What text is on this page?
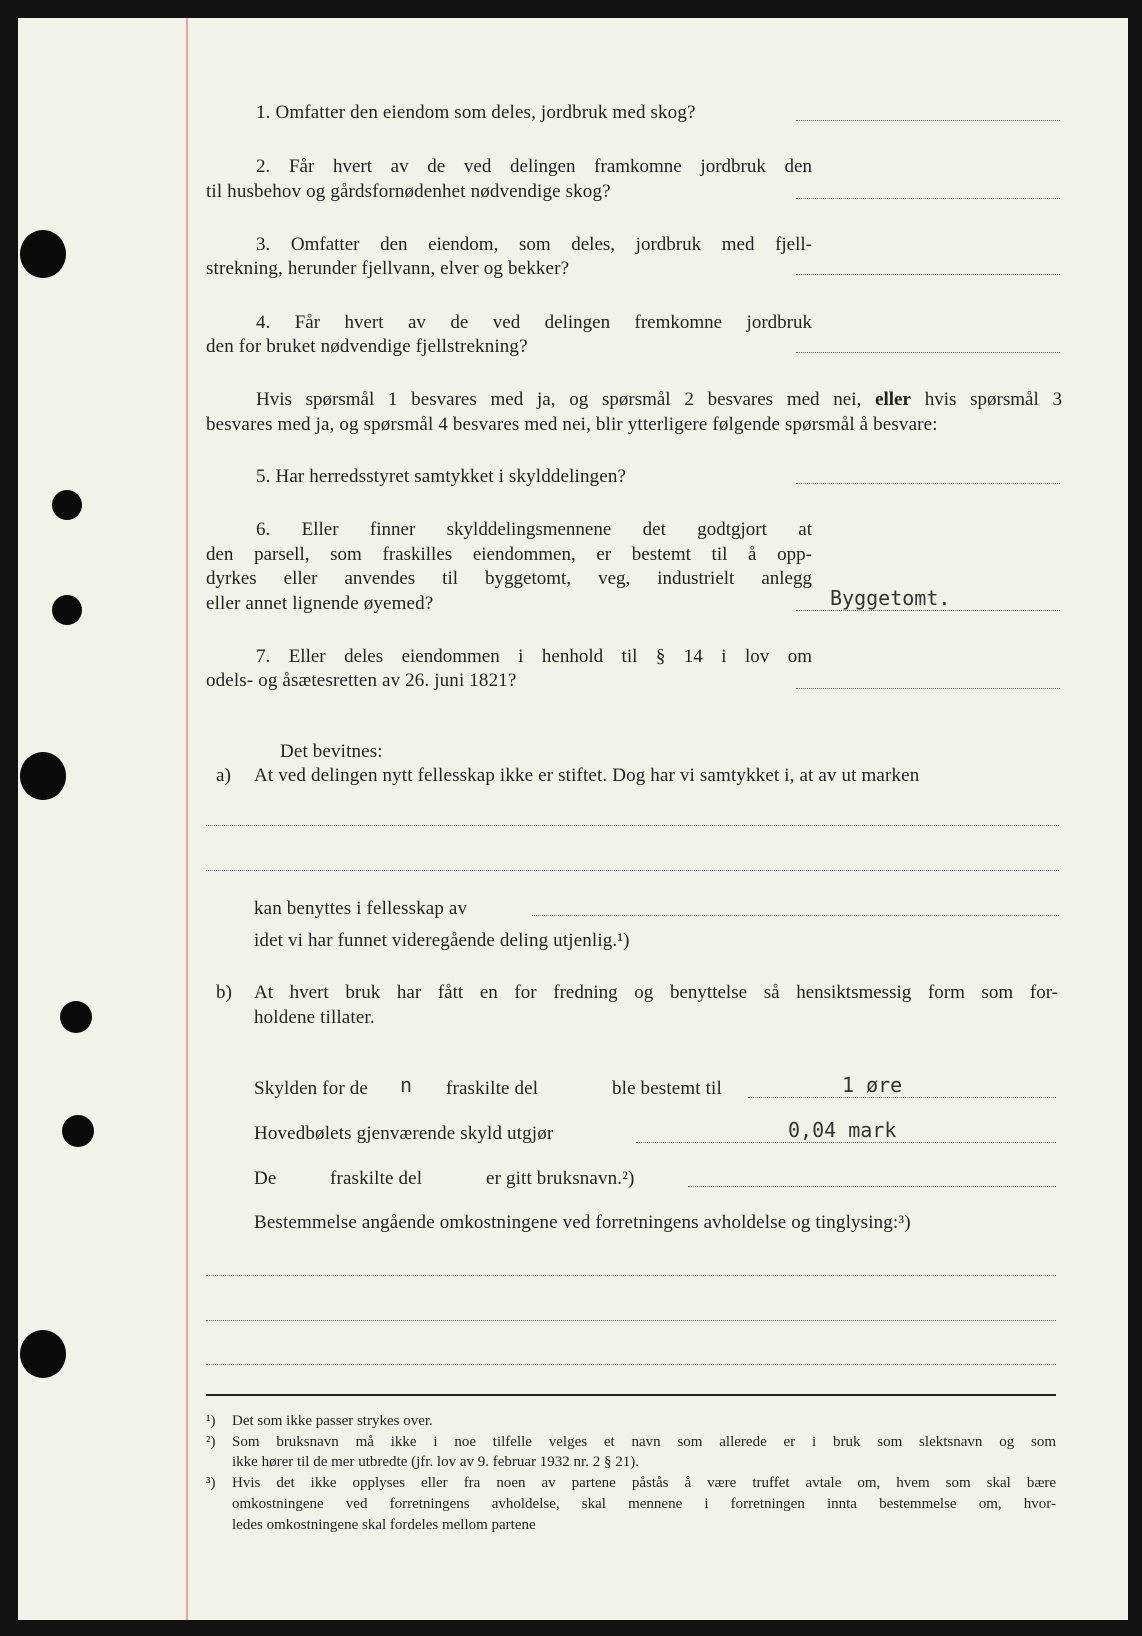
1. Omfatter den eiendom som deles, jordbruk med skog?
2. Får hvert av de ved delingen framkomne jordbruk den
til husbehov og gårdsfornødenhet nødvendige skog?
3. Omfatter den eiendom, som deles, jordbruk med fjell-
strekning, herunder fjellvann, elver og bekker?
4. Får hvert av de ved delingen fremkomne jordbruk
den for bruket nødvendige fjellstrekning?
Hvis spørsmål 1 besvares med ja, og spørsmål 2 besvares med nei, eller hvis spørsmål 3
besvares med ja, og spørsmål 4 besvares med nei, blir ytterligere følgende spørsmål å besvare:
5. Har herredsstyret samtykket i skylddelingen?
6. Eller finner skylddelingsmennene det godtgjort at
den parsell, som fraskilles eiendommen, er bestemt til å opp-
dyrkes eller anvendes til byggetomt, veg, industrielt anlegg
eller annet lignende øyemed?	Byggetomt.
7. Eller deles eiendommen i henhold til § 14 i lov om
odels- og åsætesretten av 26. juni 1821?
Det bevitnes:
a) At ved delingen nytt fellesskap ikke er stiftet. Dog har vi samtykket i, at av ut marken
kan benyttes i fellesskap av
idet vi har funnet videregående deling utjenlig.¹)
b) At hvert bruk har fått en for fredning og benyttelse så hensiktsmessig form som for-
holdene tillater.
Skylden for de n fraskilte del	ble bestemt til	1 øre
Hovedbølets gjenværende skyld utgjør	0,04 mark
De	fraskilte del	er gitt bruksnavn.²)
Bestemmelse angående omkostningene ved forretningens avholdelse og tinglysing:³)
¹) Det som ikke passer strykes over.
²) Som bruksnavn må ikke i noe tilfelle velges et navn som allerede er i bruk som slektsnavn og som
ikke hører til de mer utbredte (jfr. lov av 9. februar 1932 nr. 2 § 21).
³) Hvis det ikke opplyses eller fra noen av partene påstås å være truffet avtale om, hvem som skal bære
omkostningene ved forretningens avholdelse, skal mennene i forretningen innta bestemmelse om, hvor-
ledes omkostningene skal fordeles mellom partene
